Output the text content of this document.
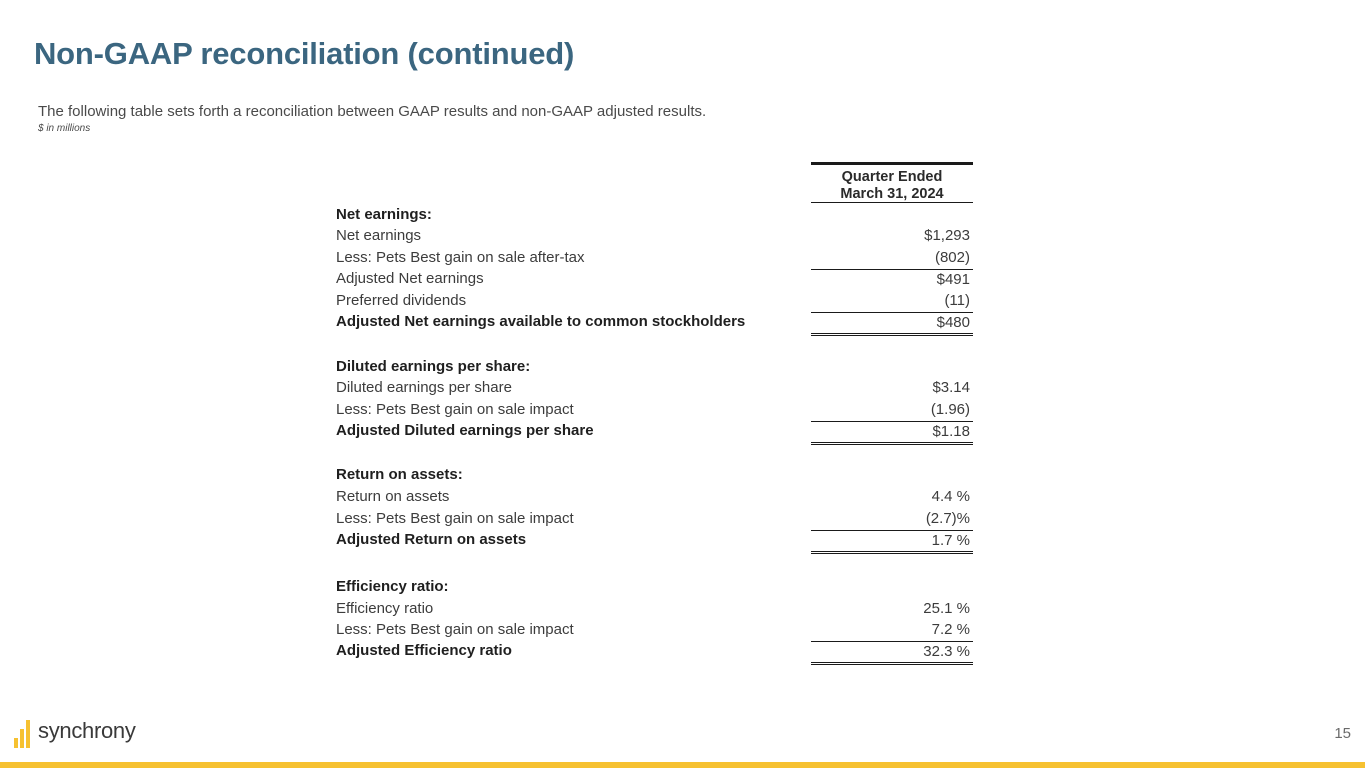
Non-GAAP reconciliation (continued)
The following table sets forth a reconciliation between GAAP results and non-GAAP adjusted results.
$ in millions
Quarter Ended
March 31, 2024
Net earnings:
Net earnings	$1,293
Less: Pets Best gain on sale after-tax	(802)
Adjusted Net earnings	$491
Preferred dividends	(11)
Adjusted Net earnings available to common stockholders	$480
Diluted earnings per share:
Diluted earnings per share	$3.14
Less: Pets Best gain on sale impact	(1.96)
Adjusted Diluted earnings per share	$1.18
Return on assets:
Return on assets	4.4 %
Less: Pets Best gain on sale impact	(2.7)%
Adjusted Return on assets	1.7 %
Efficiency ratio:
Efficiency ratio	25.1 %
Less: Pets Best gain on sale impact	7.2 %
Adjusted Efficiency ratio	32.3 %
synchrony	15
